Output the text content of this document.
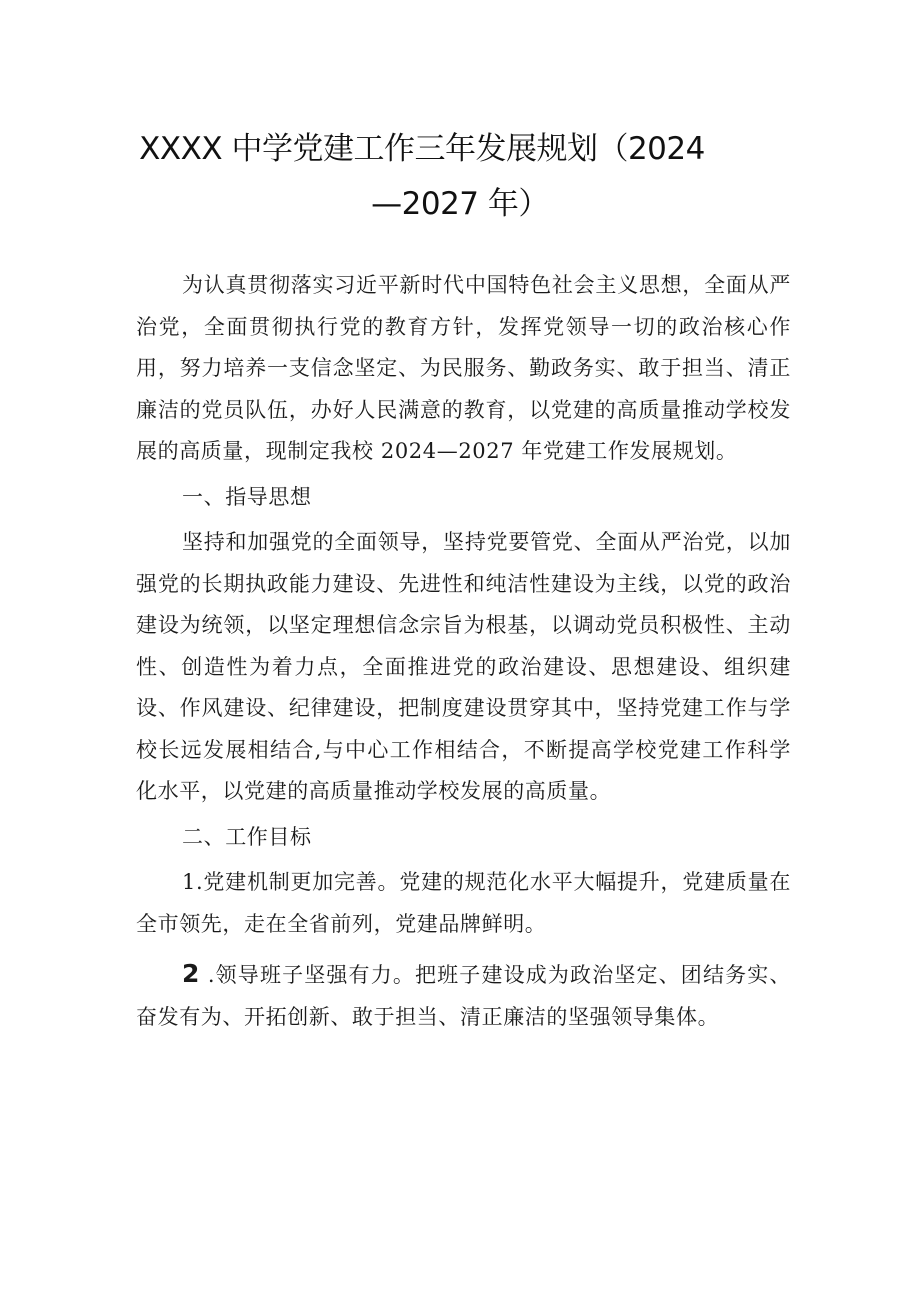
XXXX 中学党建工作三年发展规划（2024
—2027 年）

为认真贯彻落实习近平新时代中国特色社会主义思想，全面从严治党，全面贯彻执行党的教育方针，发挥党领导一切的政治核心作用，努力培养一支信念坚定、为民服务、勤政务实、敢于担当、清正廉洁的党员队伍，办好人民满意的教育，以党建的高质量推动学校发展的高质量，现制定我校 2024—2027 年党建工作发展规划。

一、指导思想

坚持和加强党的全面领导，坚持党要管党、全面从严治党，以加强党的长期执政能力建设、先进性和纯洁性建设为主线，以党的政治建设为统领，以坚定理想信念宗旨为根基，以调动党员积极性、主动性、创造性为着力点，全面推进党的政治建设、思想建设、组织建设、作风建设、纪律建设，把制度建设贯穿其中，坚持党建工作与学校长远发展相结合,与中心工作相结合，不断提高学校党建工作科学化水平，以党建的高质量推动学校发展的高质量。

二、工作目标

1.党建机制更加完善。党建的规范化水平大幅提升，党建质量在全市领先，走在全省前列，党建品牌鲜明。

2 .领导班子坚强有力。把班子建设成为政治坚定、团结务实、奋发有为、开拓创新、敢于担当、清正廉洁的坚强领导集体。
